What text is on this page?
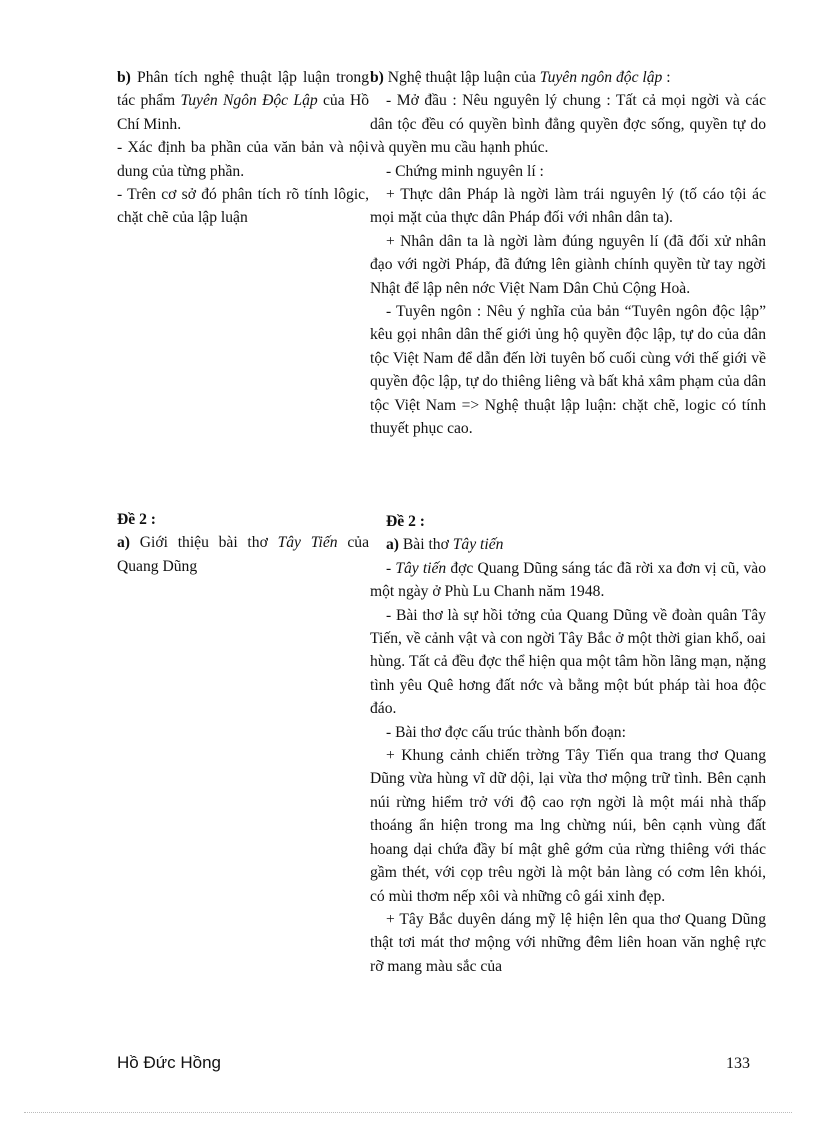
b) Phân tích nghệ thuật lập luận trong tác phẩm Tuyên Ngôn Độc Lập của Hồ Chí Minh.

- Xác định ba phần của văn bản và nội dung của từng phần.

- Trên cơ sở đó phân tích rõ tính lôgic, chặt chẽ của lập luận

Đề 2 :

a) Giới thiệu bài thơ Tây Tiến của Quang Dũng

b) Nghệ thuật lập luận của Tuyên ngôn độc lập :

- Mở đầu : Nêu nguyên lý chung : Tất cả mọi ngời và các dân tộc đều có quyền bình đẳng quyền đợc sống, quyền tự do và quyền mu cầu hạnh phúc.

- Chứng minh nguyên lí :

+ Thực dân Pháp là ngời làm trái nguyên lý (tố cáo tội ác mọi mặt của thực dân Pháp đối với nhân dân ta).

+ Nhân dân ta là ngời làm đúng nguyên lí (đã đối xử nhân đạo với ngời Pháp, đã đứng lên giành chính quyền từ tay ngời Nhật để lập nên nớc Việt Nam Dân Chủ Cộng Hoà.

- Tuyên ngôn : Nêu ý nghĩa của bản “Tuyên ngôn độc lập” kêu gọi nhân dân thế giới ủng hộ quyền độc lập, tự do của dân tộc Việt Nam để dẫn đến lời tuyên bố cuối cùng với thế giới về quyền độc lập, tự do thiêng liêng và bất khả xâm phạm của dân tộc Việt Nam => Nghệ thuật lập luận: chặt chẽ, logic có tính thuyết phục cao.

Đề 2 :

a) Bài thơ Tây tiến

- Tây tiến đợc Quang Dũng sáng tác đã rời xa đơn vị cũ, vào một ngày ở Phù Lu Chanh năm 1948.

- Bài thơ là sự hồi tởng của Quang Dũng về đoàn quân Tây Tiến, về cảnh vật và con ngời Tây Bắc ở một thời gian khổ, oai hùng. Tất cả đều đợc thể hiện qua một tâm hồn lãng mạn, nặng tình yêu Quê hơng đất nớc và bằng một bút pháp tài hoa độc đáo.

- Bài thơ đợc cấu trúc thành bốn đoạn:

+ Khung cảnh chiến trờng Tây Tiến qua trang thơ Quang Dũng vừa hùng vĩ dữ dội, lại vừa thơ mộng trữ tình. Bên cạnh núi rừng hiểm trở với độ cao rợn ngời là một mái nhà thấp thoáng ẩn hiện trong ma lng chừng núi, bên cạnh vùng đất hoang dại chứa đầy bí mật ghê gớm của rừng thiêng với thác gầm thét, với cọp trêu ngời là một bản làng có cơm lên khói, có mùi thơm nếp xôi và những cô gái xinh đẹp.

+ Tây Bắc duyên dáng mỹ lệ hiện lên qua thơ Quang Dũng thật tơi mát thơ mộng với những đêm liên hoan văn nghệ rực rỡ mang màu sắc của

Hồ Đức Hồng	133
